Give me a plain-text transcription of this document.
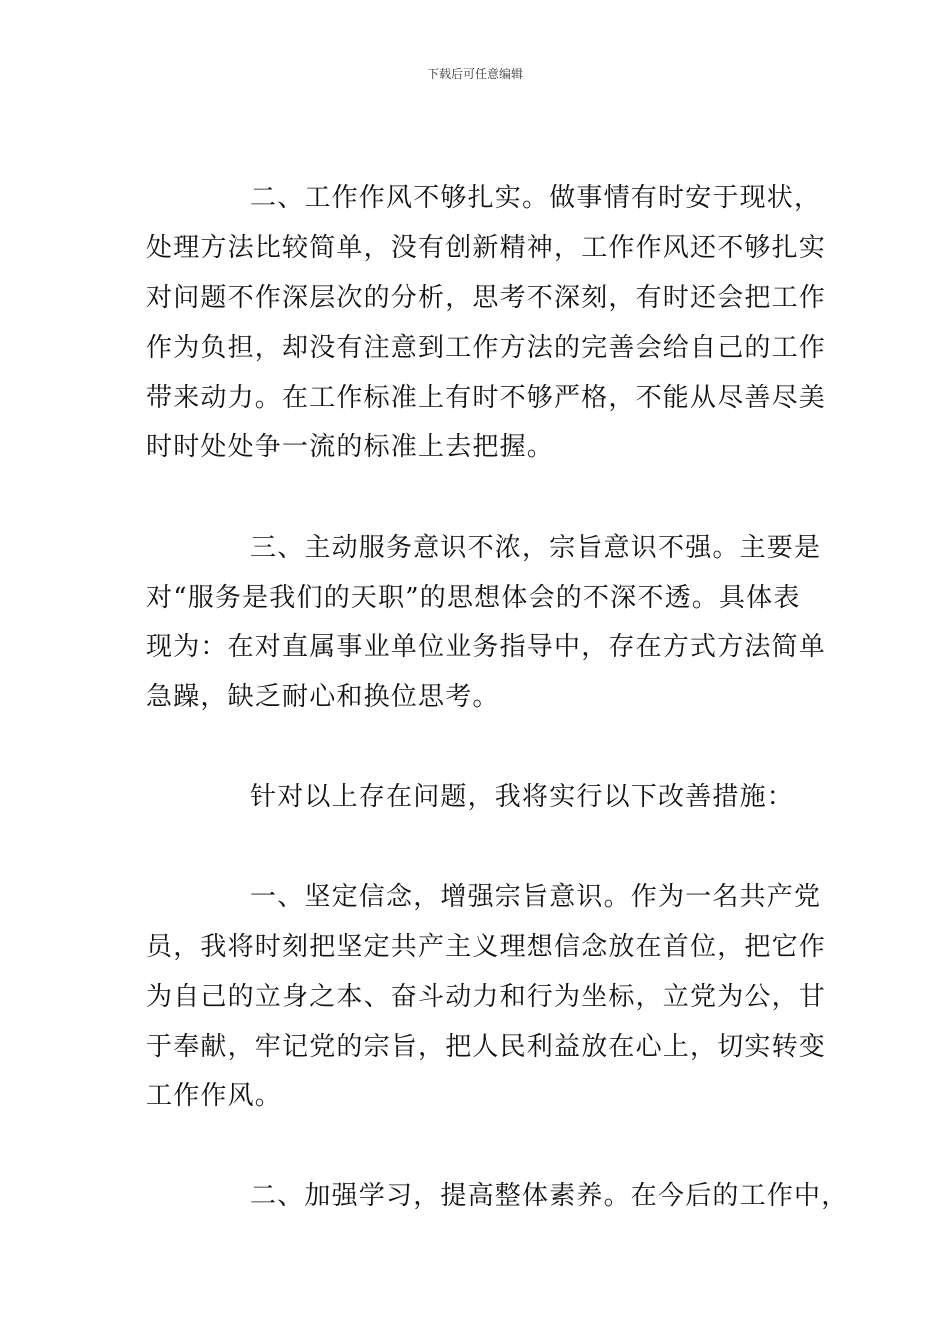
下载后可任意编辑
二、工作作风不够扎实。做事情有时安于现状，
处理方法比较简单，没有创新精神，工作作风还不够扎实
对问题不作深层次的分析，思考不深刻，有时还会把工作
作为负担，却没有注意到工作方法的完善会给自己的工作
带来动力。在工作标准上有时不够严格，不能从尽善尽美
时时处处争一流的标准上去把握。
三、主动服务意识不浓，宗旨意识不强。主要是
对“服务是我们的天职”的思想体会的不深不透。具体表
现为：在对直属事业单位业务指导中，存在方式方法简单
急躁，缺乏耐心和换位思考。
针对以上存在问题，我将实行以下改善措施：
一、坚定信念，增强宗旨意识。作为一名共产党
员，我将时刻把坚定共产主义理想信念放在首位，把它作
为自己的立身之本、奋斗动力和行为坐标，立党为公，甘
于奉献，牢记党的宗旨，把人民利益放在心上，切实转变
工作作风。
二、加强学习，提高整体素养。在今后的工作中，
